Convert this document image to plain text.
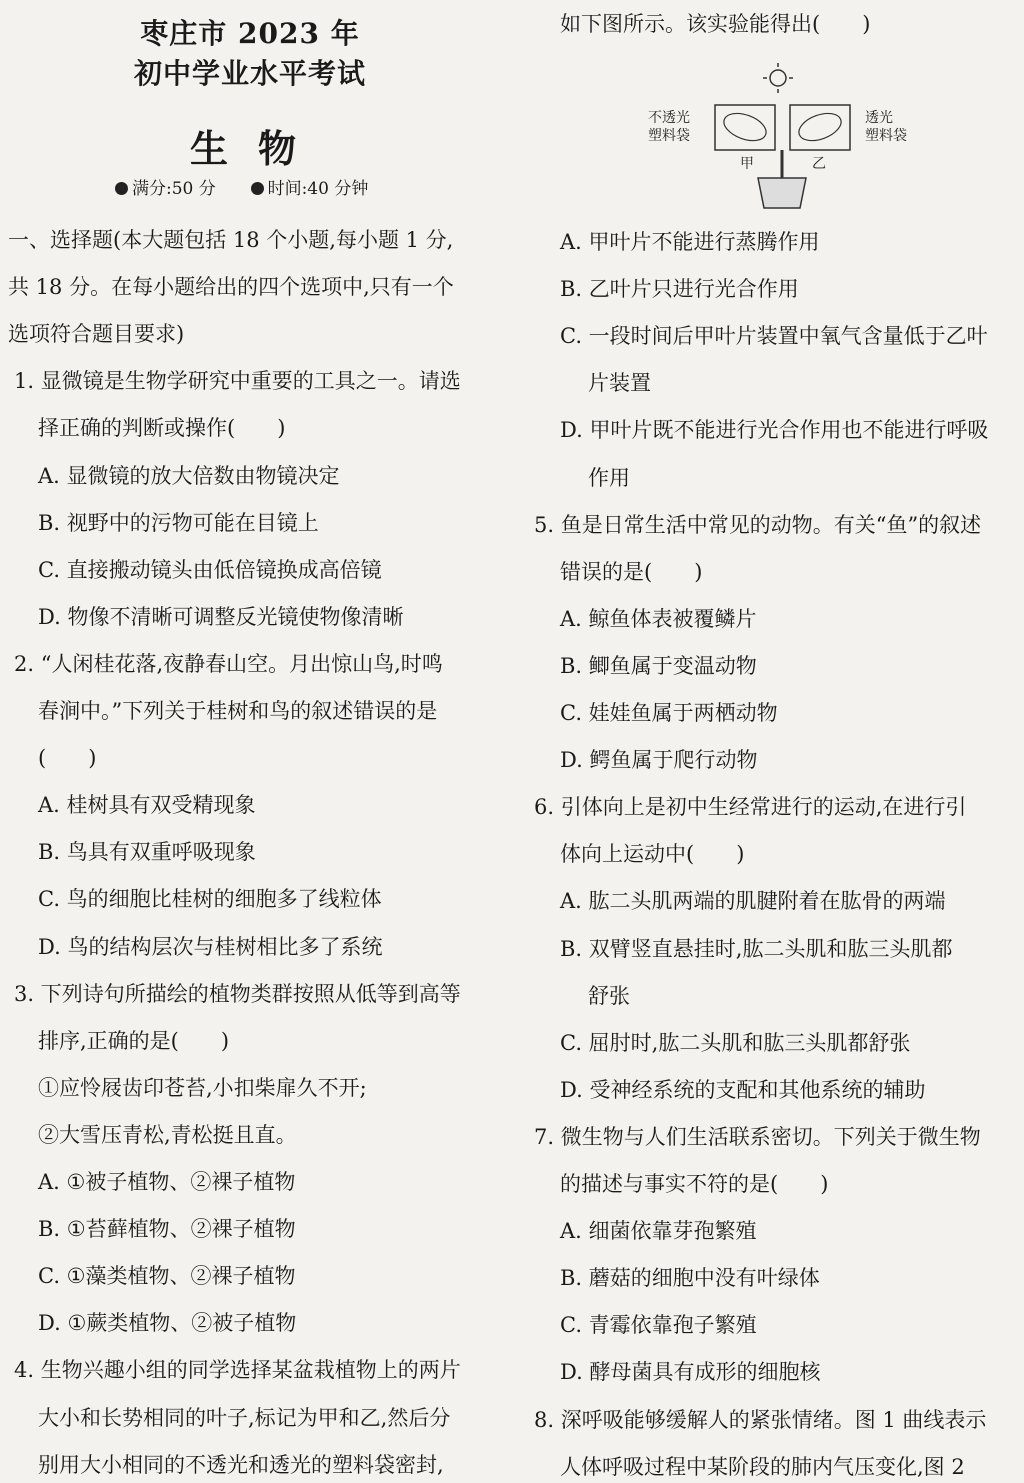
枣庄市 2023 年
初中学业水平考试
生物
满分:50 分	时间:40 分钟
一、选择题(本大题包括 18 个小题,每小题 1 分,
共 18 分。在每小题给出的四个选项中,只有一个
选项符合题目要求)
1. 显微镜是生物学研究中重要的工具之一。请选
择正确的判断或操作(　　)
A. 显微镜的放大倍数由物镜决定
B. 视野中的污物可能在目镜上
C. 直接搬动镜头由低倍镜换成高倍镜
D. 物像不清晰可调整反光镜使物像清晰
2. “人闲桂花落,夜静春山空。月出惊山鸟,时鸣
春涧中。”下列关于桂树和鸟的叙述错误的是
(　　)
A. 桂树具有双受精现象
B. 鸟具有双重呼吸现象
C. 鸟的细胞比桂树的细胞多了线粒体
D. 鸟的结构层次与桂树相比多了系统
3. 下列诗句所描绘的植物类群按照从低等到高等
排序,正确的是(　　)
①应怜屐齿印苍苔,小扣柴扉久不开;
②大雪压青松,青松挺且直。
A. ①被子植物、②裸子植物
B. ①苔藓植物、②裸子植物
C. ①藻类植物、②裸子植物
D. ①蕨类植物、②被子植物
4. 生物兴趣小组的同学选择某盆栽植物上的两片
大小和长势相同的叶子,标记为甲和乙,然后分
别用大小相同的不透光和透光的塑料袋密封,
如下图所示。该实验能得出(　　)
A. 甲叶片不能进行蒸腾作用
B. 乙叶片只进行光合作用
C. 一段时间后甲叶片装置中氧气含量低于乙叶
片装置
D. 甲叶片既不能进行光合作用也不能进行呼吸
作用
5. 鱼是日常生活中常见的动物。有关“鱼”的叙述
错误的是(　　)
A. 鲸鱼体表被覆鳞片
B. 鲫鱼属于变温动物
C. 娃娃鱼属于两栖动物
D. 鳄鱼属于爬行动物
6. 引体向上是初中生经常进行的运动,在进行引
体向上运动中(　　)
A. 肱二头肌两端的肌腱附着在肱骨的两端
B. 双臂竖直悬挂时,肱二头肌和肱三头肌都
舒张
C. 屈肘时,肱二头肌和肱三头肌都舒张
D. 受神经系统的支配和其他系统的辅助
7. 微生物与人们生活联系密切。下列关于微生物
的描述与事实不符的是(　　)
A. 细菌依靠芽孢繁殖
B. 蘑菇的细胞中没有叶绿体
C. 青霉依靠孢子繁殖
D. 酵母菌具有成形的细胞核
8. 深呼吸能够缓解人的紧张情绪。图 1 曲线表示
人体呼吸过程中某阶段的肺内气压变化,图 2
不透光
塑料袋
透光
塑料袋
甲	乙
